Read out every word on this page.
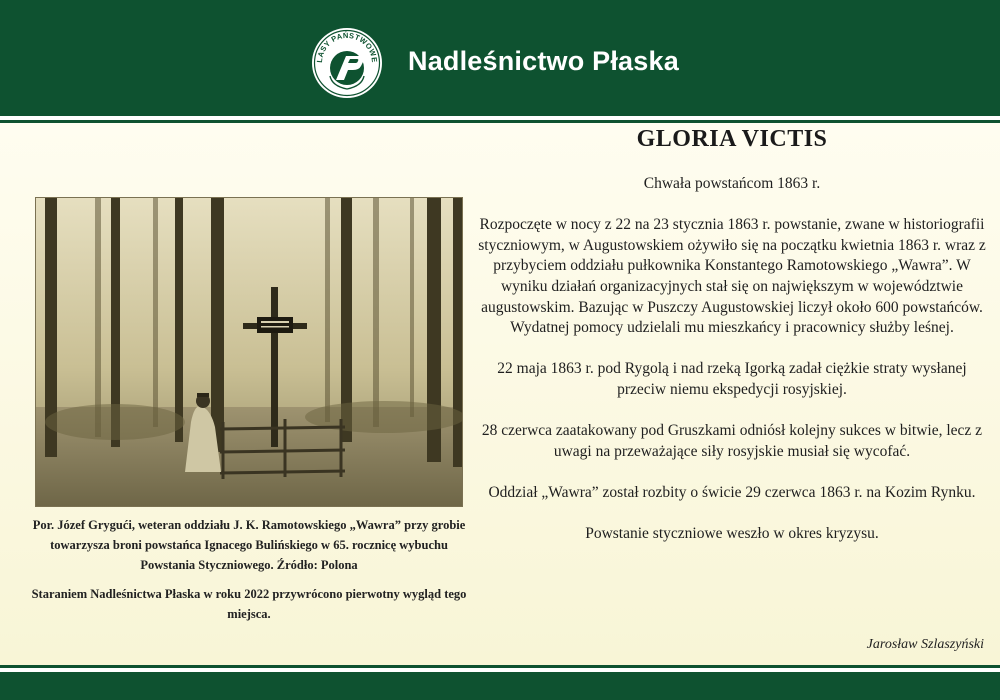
LASY PAŃSTWOWE Nadleśnictwo Płaska

Por. Józef Grygući, weteran oddziału J. K. Ramotowskiego „Wawra” przy grobie towarzysza broni powstańca Ignacego Bulińskiego w 65. rocznicę wybuchu Powstania Styczniowego. Źródło: Polona

Staraniem Nadleśnictwa Płaska w roku 2022 przywrócono pierwotny wygląd tego miejsca.

GLORIA VICTIS

Chwała powstańcom 1863 r.

Rozpoczęte w nocy z 22 na 23 stycznia 1863 r. powstanie, zwane w historiografii styczniowym, w Augustowskiem ożywiło się na początku kwietnia 1863 r. wraz z przybyciem oddziału pułkownika Konstantego Ramotowskiego „Wawra”. W wyniku działań organizacyjnych stał się on największym w województwie augustowskim. Bazując w Puszczy Augustowskiej liczył około 600 powstańców. Wydatnej pomocy udzielali mu mieszkańcy i pracownicy służby leśnej.

22 maja 1863 r. pod Rygolą i nad rzeką Igorką zadał ciężkie straty wysłanej przeciw niemu ekspedycji rosyjskiej.

28 czerwca zaatakowany pod Gruszkami odniósł kolejny sukces w bitwie, lecz z uwagi na przeważające siły rosyjskie musiał się wycofać.

Oddział „Wawra” został rozbity o świcie 29 czerwca 1863 r. na Kozim Rynku.

Powstanie styczniowe weszło w okres kryzysu.

Jarosław Szlaszyński
